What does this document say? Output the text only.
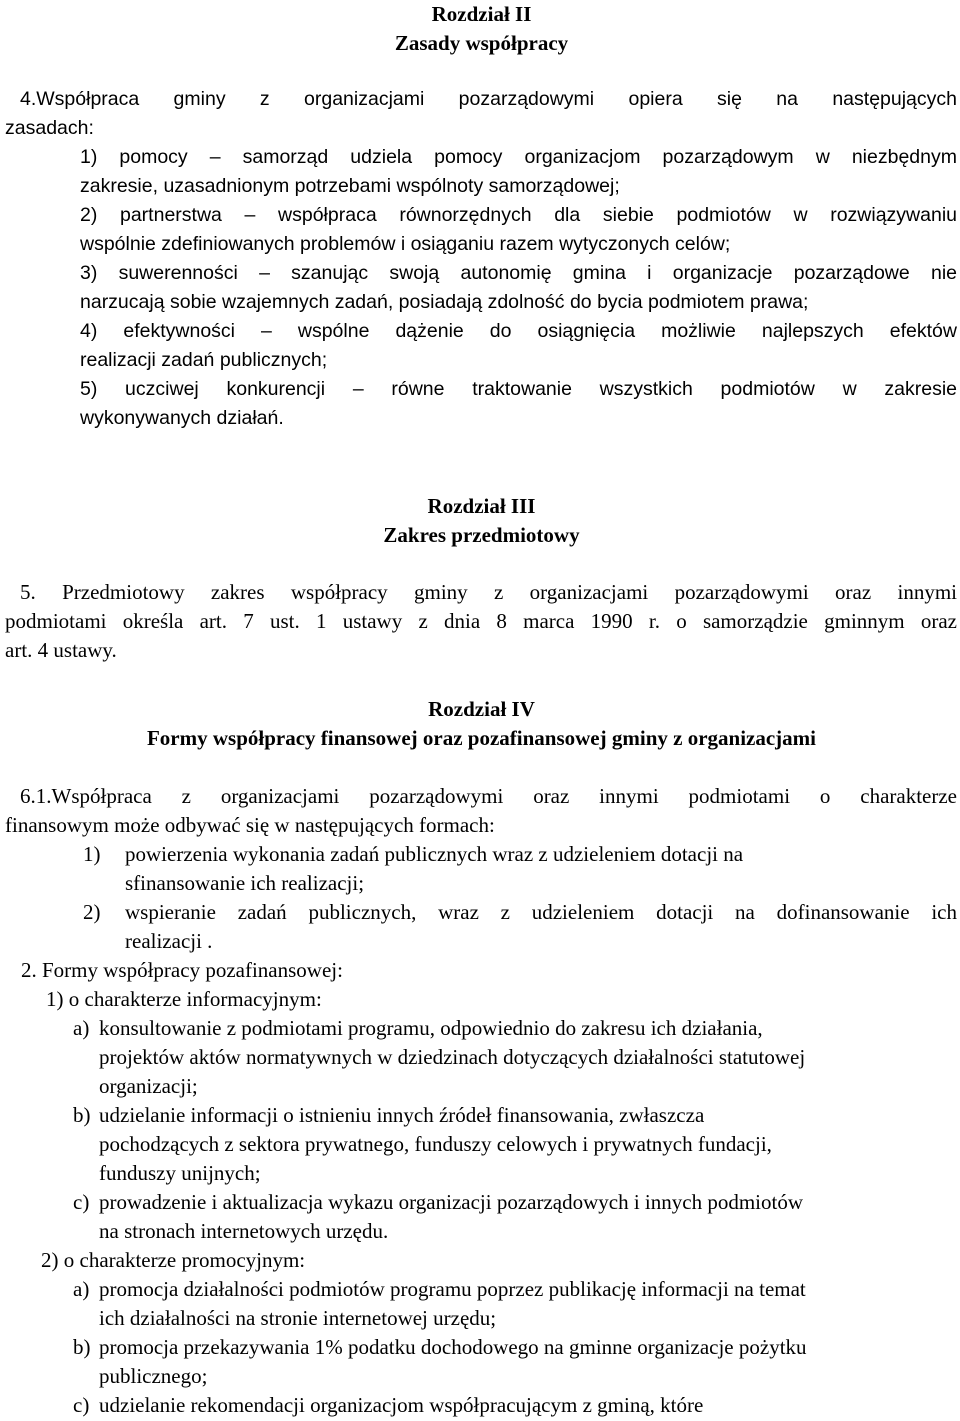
Rozdział II
Zasady współpracy
4.Współpraca gminy z organizacjami pozarządowymi opiera się na następujących
zasadach:
1) pomocy – samorząd udziela pomocy organizacjom pozarządowym w niezbędnym
zakresie, uzasadnionym potrzebami wspólnoty samorządowej;
2) partnerstwa – współpraca równorzędnych dla siebie podmiotów w rozwiązywaniu
wspólnie zdefiniowanych problemów i osiąganiu razem wytyczonych celów;
3) suwerenności – szanując swoją autonomię gmina i organizacje pozarządowe nie
narzucają sobie wzajemnych zadań, posiadają zdolność do bycia podmiotem prawa;
4) efektywności – wspólne dążenie do osiągnięcia możliwie najlepszych efektów
realizacji zadań publicznych;
5) uczciwej konkurencji – równe traktowanie wszystkich podmiotów w zakresie
wykonywanych działań.
Rozdział III
Zakres przedmiotowy
5. Przedmiotowy zakres współpracy gminy z organizacjami pozarządowymi oraz innymi
podmiotami określa art. 7 ust. 1 ustawy z dnia 8 marca 1990 r. o samorządzie gminnym oraz
art. 4 ustawy.
Rozdział IV
Formy współpracy finansowej oraz pozafinansowej gminy z organizacjami
6.1.Współpraca z organizacjami pozarządowymi oraz innymi podmiotami o charakterze
finansowym może odbywać się w następujących formach:
1) powierzenia wykonania zadań publicznych wraz z udzieleniem dotacji na
sfinansowanie ich realizacji;
2) wspieranie zadań publicznych, wraz z udzieleniem dotacji na dofinansowanie ich
realizacji .
2. Formy współpracy pozafinansowej:
1) o charakterze informacyjnym:
a) konsultowanie z podmiotami programu, odpowiednio do zakresu ich działania,
projektów aktów normatywnych w dziedzinach dotyczących działalności statutowej
organizacji;
b) udzielanie informacji o istnieniu innych źródeł finansowania, zwłaszcza
pochodzących z sektora prywatnego, funduszy celowych i prywatnych fundacji,
funduszy unijnych;
c) prowadzenie i aktualizacja wykazu organizacji pozarządowych i innych podmiotów
na stronach internetowych urzędu.
2) o charakterze promocyjnym:
a) promocja działalności podmiotów programu poprzez publikację informacji na temat
ich działalności na stronie internetowej urzędu;
b) promocja przekazywania 1% podatku dochodowego na gminne organizacje pożytku
publicznego;
c) udzielanie rekomendacji organizacjom współpracującym z gminą, które
